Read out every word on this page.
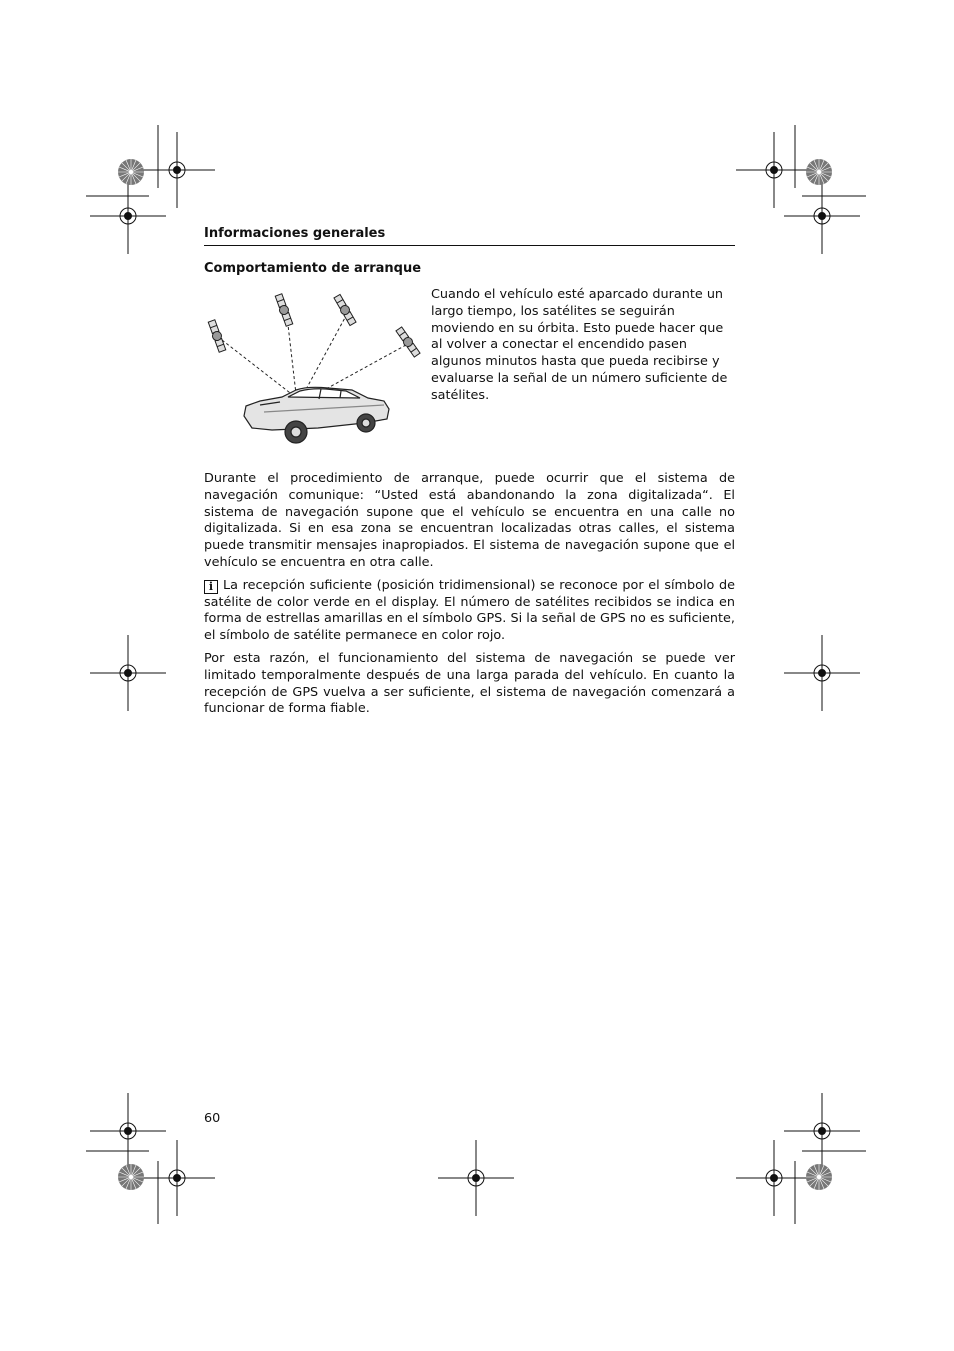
Informaciones generales
Comportamiento de arranque

Cuando el vehículo esté aparcado durante un largo tiempo, los satélites se seguirán moviendo en su órbita. Esto puede hacer que al volver a conectar el encendido pasen algunos minutos hasta que pueda recibirse y evaluarse la señal de un número suficiente de satélites.

Durante el procedimiento de arranque, puede ocurrir que el sistema de navegación comunique: “Usted está abandonando la zona digitalizada“. El sistema de navegación supone que el vehículo se encuentra en una calle no digitalizada. Si en esa zona se encuentran localizadas otras calles, el sistema puede transmitir mensajes inapropiados. El sistema de navegación supone que el vehículo se encuentra en otra calle.

i La recepción suficiente (posición tridimensional) se reconoce por el símbolo de satélite de color verde en el display. El número de satélites recibidos se indica en forma de estrellas amarillas en el símbolo GPS. Si la señal de GPS no es suficiente, el símbolo de satélite permanece en color rojo.

Por esta razón, el funcionamiento del sistema de navegación se puede ver limitado temporalmente después de una larga parada del vehículo. En cuanto la recepción de GPS vuelva a ser suficiente, el sistema de navegación comenzará a funcionar de forma fiable.

60
